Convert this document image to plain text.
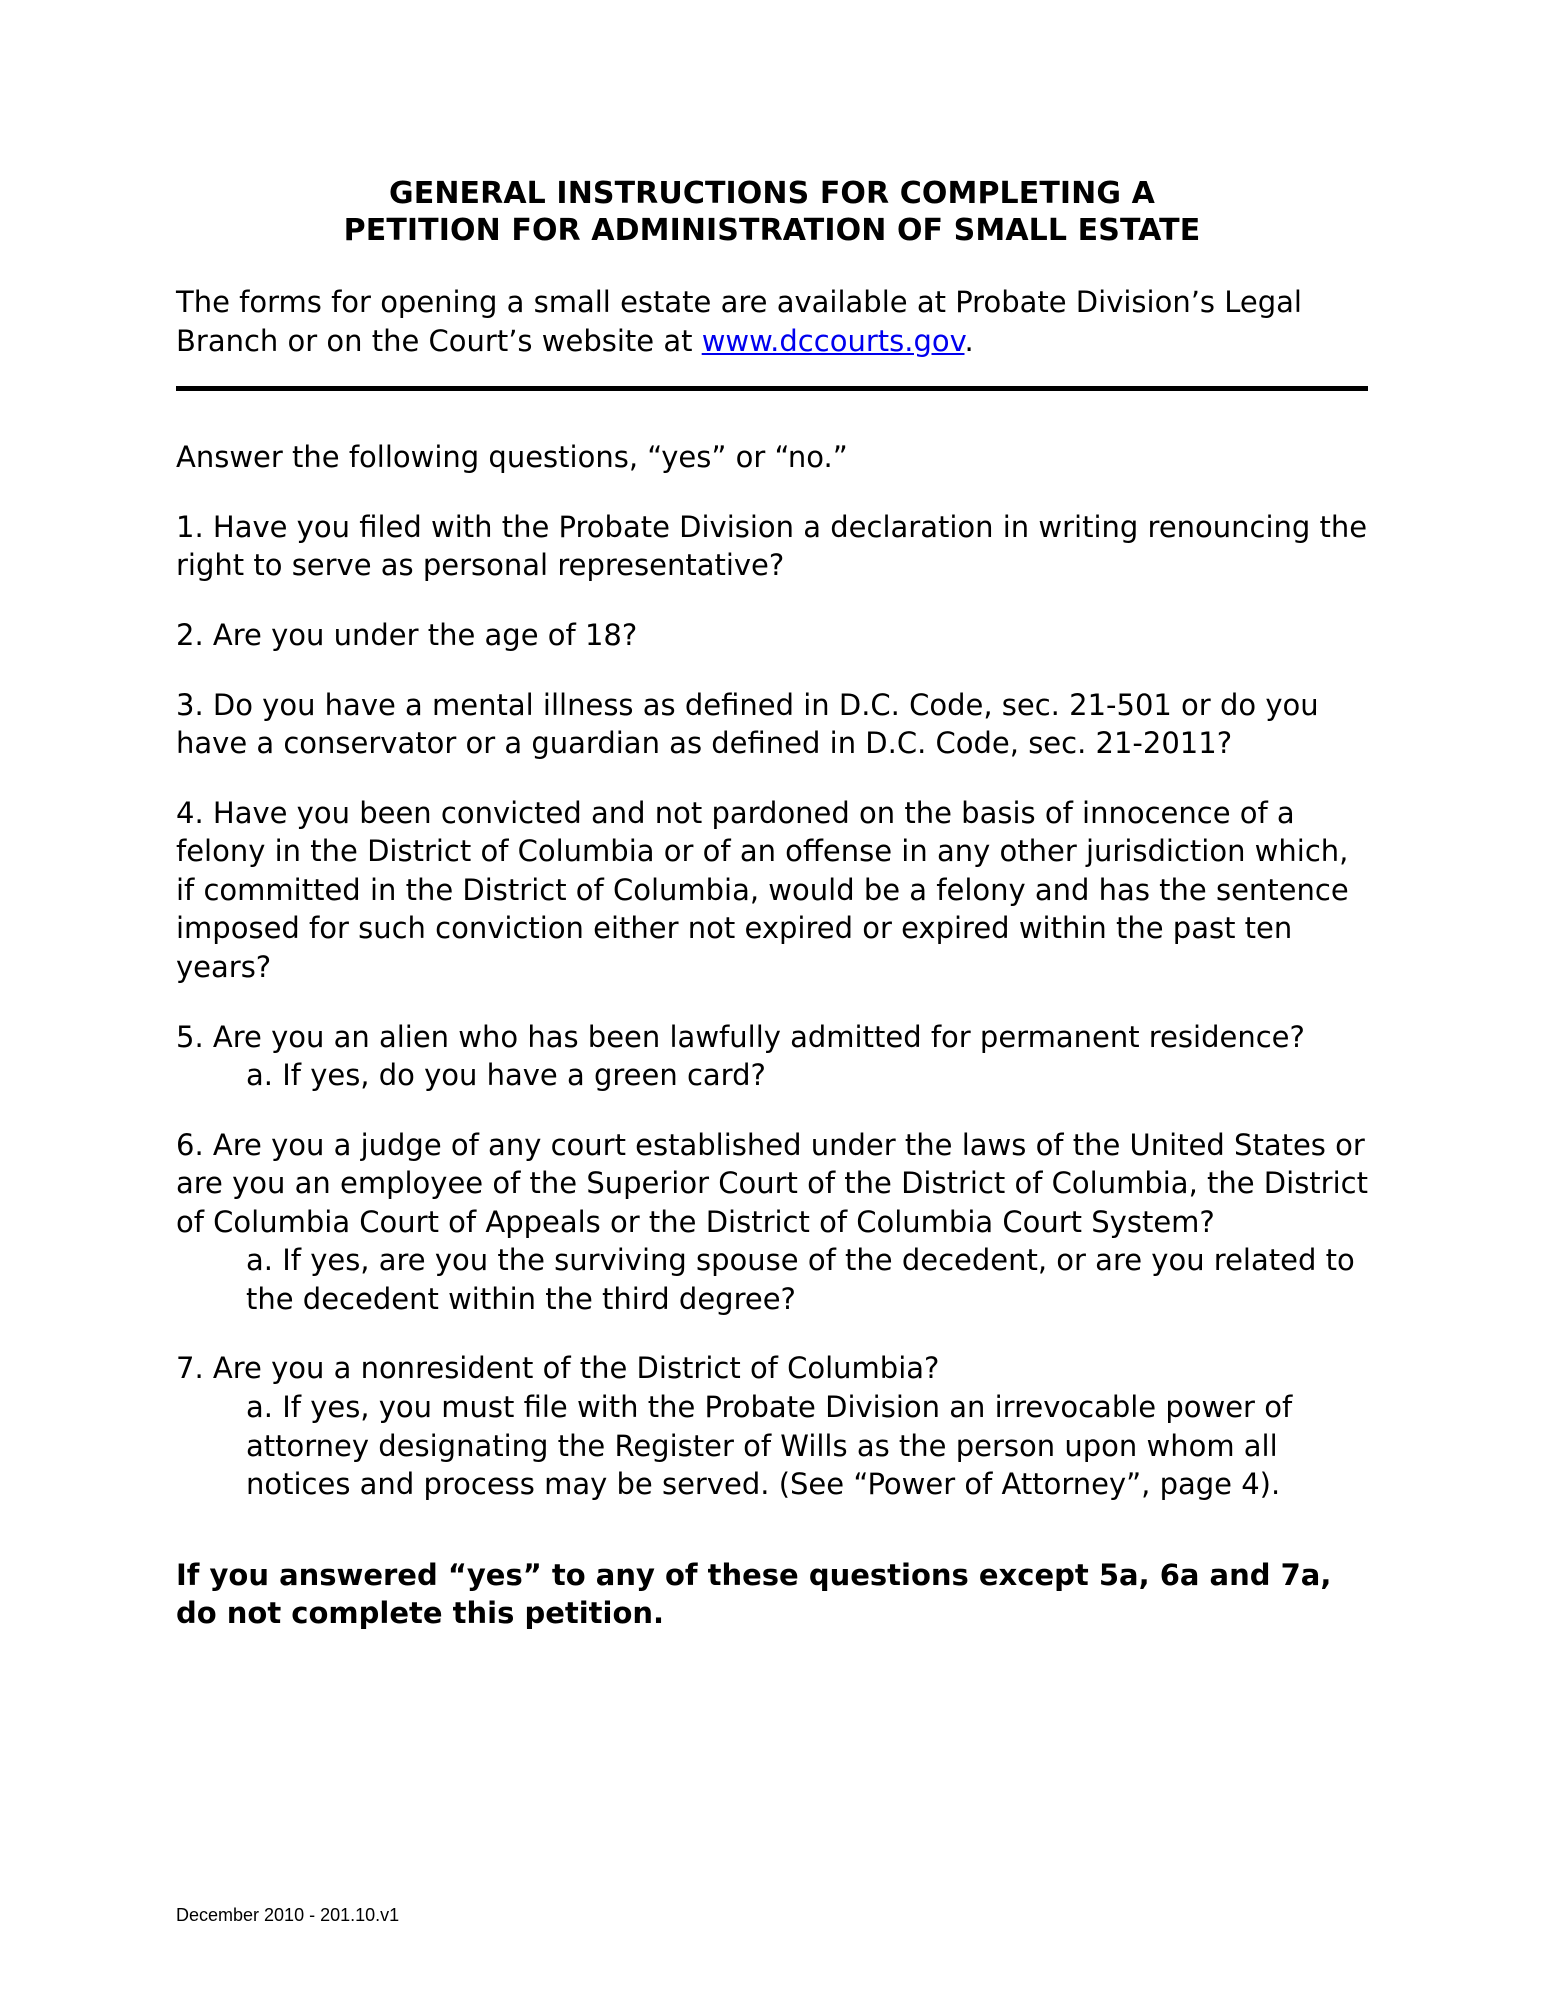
GENERAL INSTRUCTIONS FOR COMPLETING A
PETITION FOR ADMINISTRATION OF SMALL ESTATE

The forms for opening a small estate are available at Probate Division’s Legal Branch or on the Court’s website at www.dccourts.gov.

Answer the following questions, “yes” or “no.”

1. Have you filed with the Probate Division a declaration in writing renouncing the right to serve as personal representative?

2. Are you under the age of 18?

3. Do you have a mental illness as defined in D.C. Code, sec. 21-501 or do you have a conservator or a guardian as defined in D.C. Code, sec. 21-2011?

4. Have you been convicted and not pardoned on the basis of innocence of a felony in the District of Columbia or of an offense in any other jurisdiction which, if committed in the District of Columbia, would be a felony and has the sentence imposed for such conviction either not expired or expired within the past ten years?

5. Are you an alien who has been lawfully admitted for permanent residence?

a. If yes, do you have a green card?

6. Are you a judge of any court established under the laws of the United States or are you an employee of the Superior Court of the District of Columbia, the District of Columbia Court of Appeals or the District of Columbia Court System?

a. If yes, are you the surviving spouse of the decedent, or are you related to the decedent within the third degree?

7. Are you a nonresident of the District of Columbia?

a. If yes, you must file with the Probate Division an irrevocable power of attorney designating the Register of Wills as the person upon whom all notices and process may be served. (See “Power of Attorney”, page 4).

If you answered “yes” to any of these questions except 5a, 6a and 7a, do not complete this petition.

December 2010 - 201.10.v1
